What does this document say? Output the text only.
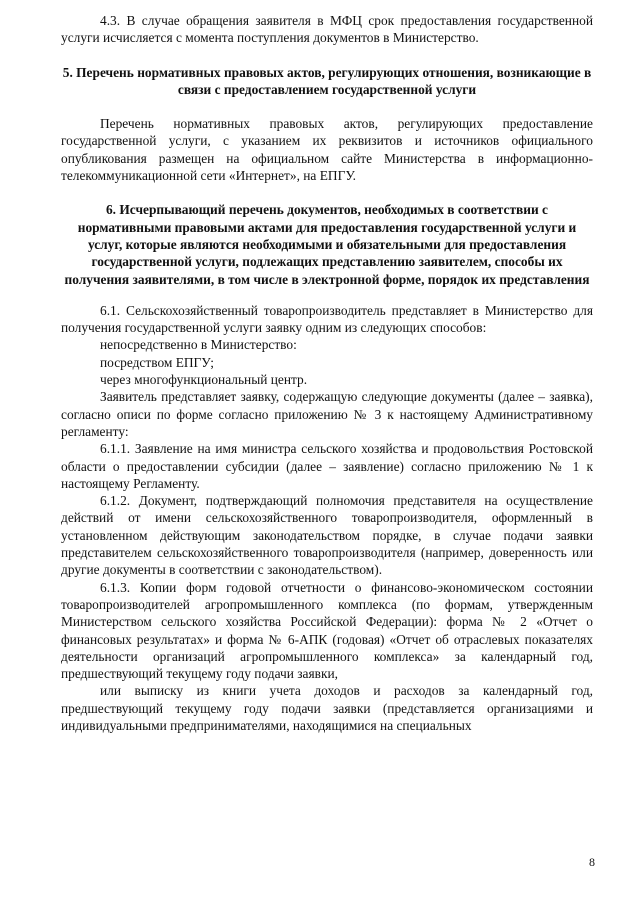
4.3. В случае обращения заявителя в МФЦ срок предоставления государственной услуги исчисляется с момента поступления документов в Министерство.

5. Перечень нормативных правовых актов, регулирующих отношения, возникающие в связи с предоставлением государственной услуги

Перечень нормативных правовых актов, регулирующих предоставление государственной услуги, с указанием их реквизитов и источников официального опубликования размещен на официальном сайте Министерства в информационно-телекоммуникационной сети «Интернет», на ЕПГУ.

6. Исчерпывающий перечень документов, необходимых в соответствии с нормативными правовыми актами для предоставления государственной услуги и услуг, которые являются необходимыми и обязательными для предоставления государственной услуги, подлежащих представлению заявителем, способы их получения заявителями, в том числе в электронной форме, порядок их представления

6.1. Сельскохозяйственный товаропроизводитель представляет в Министерство для получения государственной услуги заявку одним из следующих способов:

непосредственно в Министерство:

посредством ЕПГУ;

через многофункциональный центр.

Заявитель представляет заявку, содержащую следующие документы (далее – заявка), согласно описи по форме согласно приложению № 3 к настоящему Административному регламенту:

6.1.1. Заявление на имя министра сельского хозяйства и продовольствия Ростовской области о предоставлении субсидии (далее – заявление) согласно приложению № 1 к настоящему Регламенту.

6.1.2. Документ, подтверждающий полномочия представителя на осуществление действий от имени сельскохозяйственного товаропроизводителя, оформленный в установленном действующим законодательством порядке, в случае подачи заявки представителем сельскохозяйственного товаропроизводителя (например, доверенность или другие документы в соответствии с законодательством).

6.1.3. Копии форм годовой отчетности о финансово-экономическом состоянии товаропроизводителей агропромышленного комплекса (по формам, утвержденным Министерством сельского хозяйства Российской Федерации): форма № 2 «Отчет о финансовых результатах» и форма № 6-АПК (годовая) «Отчет об отраслевых показателях деятельности организаций агропромышленного комплекса» за календарный год, предшествующий текущему году подачи заявки,

или выписку из книги учета доходов и расходов за календарный год, предшествующий текущему году подачи заявки (представляется организациями и индивидуальными предпринимателями, находящимися на специальных

8
